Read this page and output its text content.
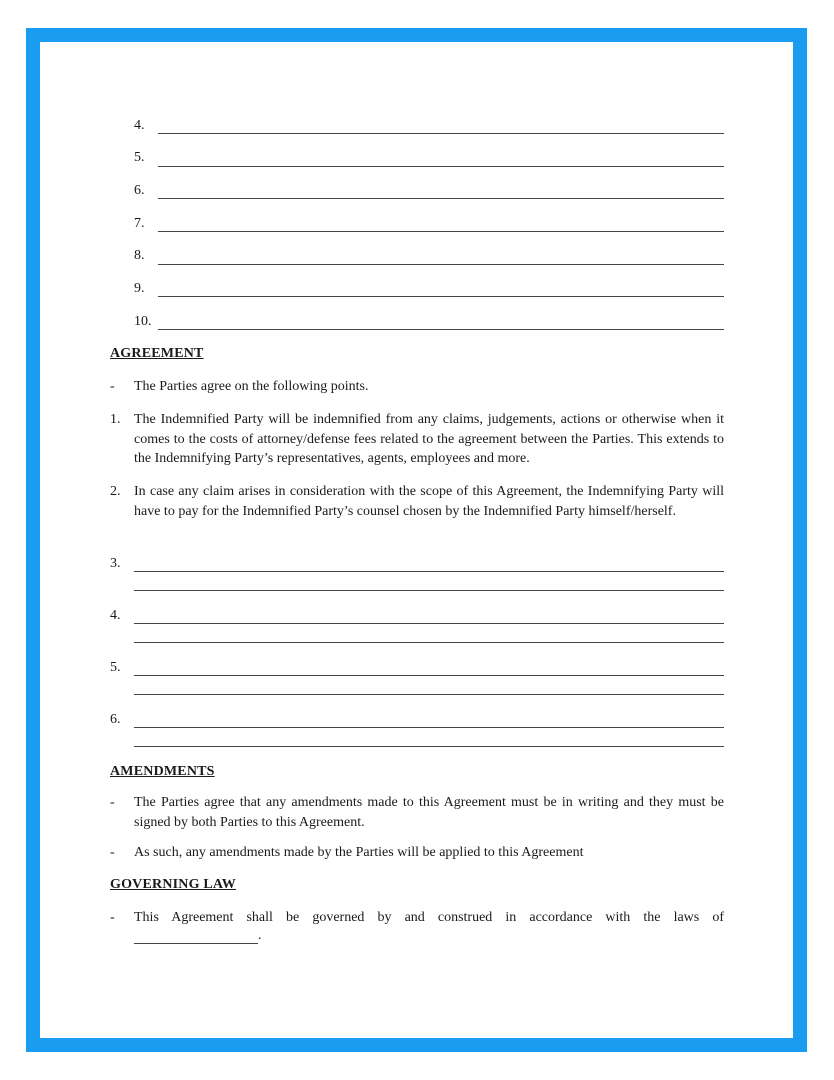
4.
5.
6.
7.
8.
9.
10.
AGREEMENT
- The Parties agree on the following points.
1. The Indemnified Party will be indemnified from any claims, judgements, actions or otherwise when it comes to the costs of attorney/defense fees related to the agreement between the Parties. This extends to the Indemnifying Party’s representatives, agents, employees and more.
2. In case any claim arises in consideration with the scope of this Agreement, the Indemnifying Party will have to pay for the Indemnified Party’s counsel chosen by the Indemnified Party himself/herself.
3.
4.
5.
6.
AMENDMENTS
- The Parties agree that any amendments made to this Agreement must be in writing and they must be signed by both Parties to this Agreement.
- As such, any amendments made by the Parties will be applied to this Agreement
GOVERNING LAW
- This Agreement shall be governed by and construed in accordance with the laws of
.
